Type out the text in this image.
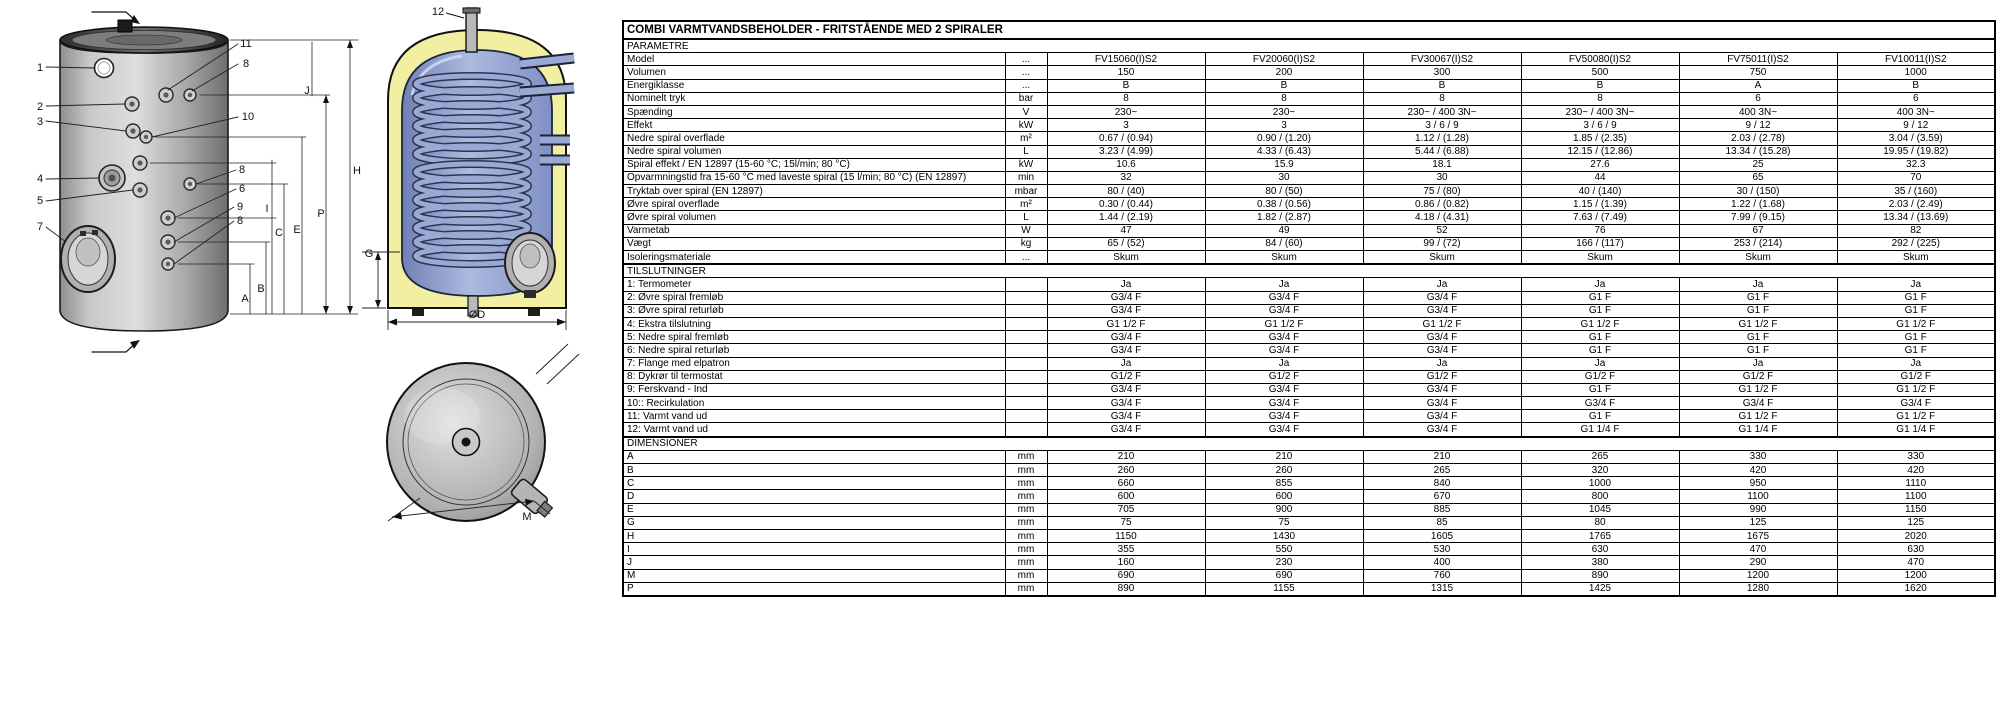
1
2
3
4
5
7
11
8
10
8
6
9
8
A
B
C E
I	P
J
H
12
G
ØD
M
COMBI VARMTVANDSBEHOLDER - FRITSTÅENDE MED 2 SPIRALER							
PARAMETRE							
Model	...	FV15060(I)S2	FV20060(I)S2	FV30067(I)S2	FV50080(I)S2	FV75011(I)S2	FV10011(I)S2
Volumen	...	150	200	300	500	750	1000
Energiklasse	...	B	B	B	B	A	B
Nominelt tryk	bar	8	8	8	8	6	6
Spænding	V	230~	230~	230~ / 400 3N~	230~ / 400 3N~	400 3N~	400 3N~
Effekt	kW	3	3	3 / 6 / 9	3 / 6 / 9	9 / 12	9 / 12
Nedre spiral overflade	m²	0.67 / (0.94)	0.90 / (1.20)	1.12 / (1.28)	1.85 / (2.35)	2.03 / (2.78)	3.04 / (3.59)
Nedre spiral volumen	L	3.23 / (4.99)	4.33 / (6.43)	5.44 / (6.88)	12.15 / (12.86)	13.34 / (15.28)	19.95 / (19.82)
Spiral effekt / EN 12897 (15-60 °C; 15l/min; 80 °C)	kW	10.6	15.9	18.1	27.6	25	32.3
Opvarmningstid fra 15-60 °C med laveste spiral (15 l/min; 80 °C) (EN 12897)	min	32	30	30	44	65	70
Tryktab over spiral (EN 12897)	mbar	80 / (40)	80 / (50)	75 / (80)	40 / (140)	30 / (150)	35 / (160)
Øvre spiral overflade	m²	0.30 / (0.44)	0.38 / (0.56)	0.86 / (0.82)	1.15 / (1.39)	1.22 / (1.68)	2.03 / (2.49)
Øvre spiral volumen	L	1.44 / (2.19)	1.82 / (2.87)	4.18 / (4.31)	7.63 / (7.49)	7.99 / (9.15)	13.34 / (13.69)
Varmetab	W	47	49	52	76	67	82
Vægt	kg	65 / (52)	84 / (60)	99 / (72)	166 / (117)	253 / (214)	292 / (225)
Isoleringsmateriale	...	Skum	Skum	Skum	Skum	Skum	Skum
TILSLUTNINGER							
1: Termometer		Ja	Ja	Ja	Ja	Ja	Ja
2: Øvre spiral fremløb		G3/4 F	G3/4 F	G3/4 F	G1 F	G1 F	G1 F
3: Øvre spiral returløb		G3/4 F	G3/4 F	G3/4 F	G1 F	G1 F	G1 F
4: Ekstra tilslutning		G1 1/2 F	G1 1/2 F	G1 1/2 F	G1 1/2 F	G1 1/2 F	G1 1/2 F
5: Nedre spiral fremløb		G3/4 F	G3/4 F	G3/4 F	G1 F	G1 F	G1 F
6: Nedre spiral returløb		G3/4 F	G3/4 F	G3/4 F	G1 F	G1 F	G1 F
7: Flange med elpatron		Ja	Ja	Ja	Ja	Ja	Ja
8: Dykrør til termostat		G1/2 F	G1/2 F	G1/2 F	G1/2 F	G1/2 F	G1/2 F
9: Ferskvand - Ind		G3/4 F	G3/4 F	G3/4 F	G1 F	G1 1/2 F	G1 1/2 F
10:: Recirkulation		G3/4 F	G3/4 F	G3/4 F	G3/4 F	G3/4 F	G3/4 F
11: Varmt vand ud		G3/4 F	G3/4 F	G3/4 F	G1 F	G1 1/2 F	G1 1/2 F
12: Varmt vand ud		G3/4 F	G3/4 F	G3/4 F	G1 1/4 F	G1 1/4 F	G1 1/4 F
DIMENSIONER							
A	mm	210	210	210	265	330	330
B	mm	260	260	265	320	420	420
C	mm	660	855	840	1000	950	1110
D	mm	600	600	670	800	1100	1100
E	mm	705	900	885	1045	990	1150
G	mm	75	75	85	80	125	125
H	mm	1150	1430	1605	1765	1675	2020
I	mm	355	550	530	630	470	630
J	mm	160	230	400	380	290	470
M	mm	690	690	760	890	1200	1200
P	mm	890	1155	1315	1425	1280	1620
